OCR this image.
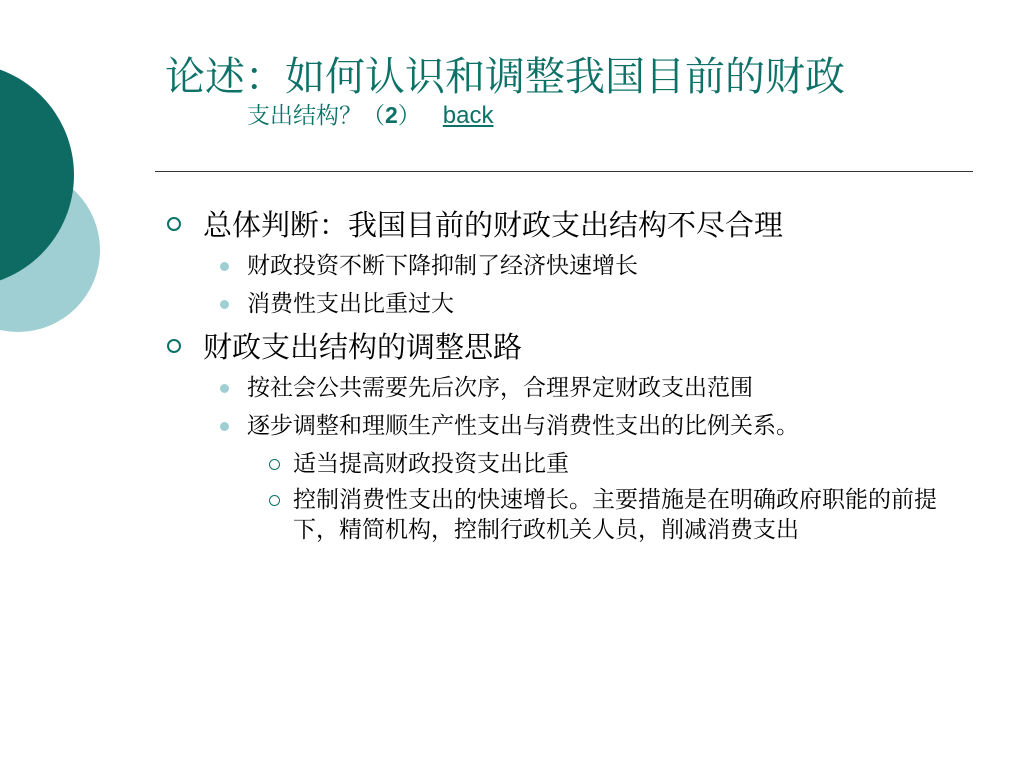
论述：如何认识和调整我国目前的财政
支出结构？（2） back
总体判断：我国目前的财政支出结构不尽合理
财政投资不断下降抑制了经济快速增长
消费性支出比重过大
财政支出结构的调整思路
按社会公共需要先后次序，合理界定财政支出范围
逐步调整和理顺生产性支出与消费性支出的比例关系。
适当提高财政投资支出比重
控制消费性支出的快速增长。主要措施是在明确政府职能的前提下，精简机构，控制行政机关人员，削减消费支出
